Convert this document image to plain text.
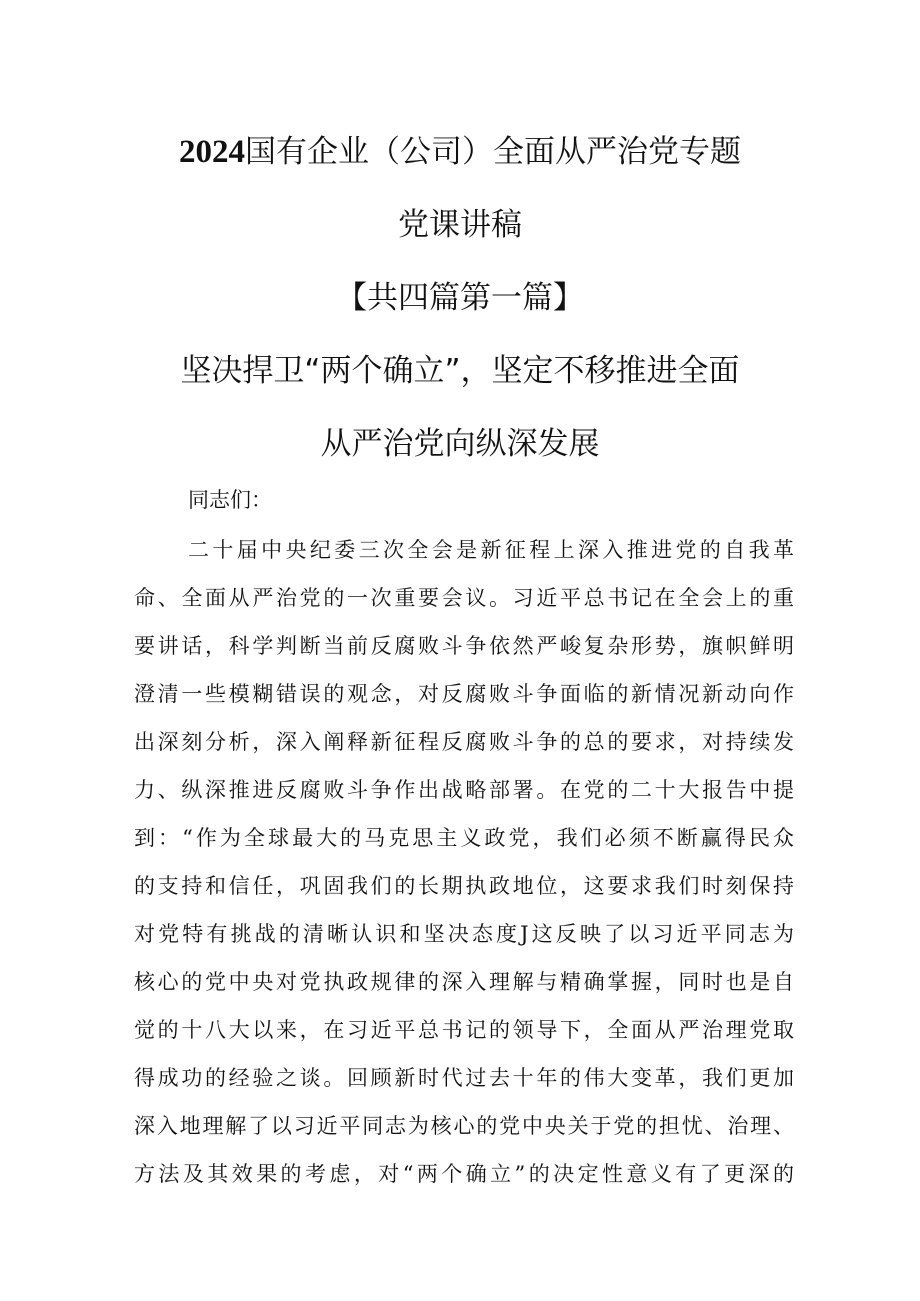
2024国有企业（公司）全面从严治党专题
党课讲稿
【共四篇第一篇】
坚决捍卫“两个确立”，坚定不移推进全面
从严治党向纵深发展
同志们：
二十届中央纪委三次全会是新征程上深入推进党的自我革
命、全面从严治党的一次重要会议。习近平总书记在全会上的重
要讲话，科学判断当前反腐败斗争依然严峻复杂形势，旗帜鲜明
澄清一些模糊错误的观念，对反腐败斗争面临的新情况新动向作
出深刻分析，深入阐释新征程反腐败斗争的总的要求，对持续发
力、纵深推进反腐败斗争作出战略部署。在党的二十大报告中提
到：“作为全球最大的马克思主义政党，我们必须不断赢得民众
的支持和信任，巩固我们的长期执政地位，这要求我们时刻保持
对党特有挑战的清晰认识和坚决态度J这反映了以习近平同志为
核心的党中央对党执政规律的深入理解与精确掌握，同时也是自
觉的十八大以来，在习近平总书记的领导下，全面从严治理党取
得成功的经验之谈。回顾新时代过去十年的伟大变革，我们更加
深入地理解了以习近平同志为核心的党中央关于党的担忧、治理、
方法及其效果的考虑，对“两个确立”的决定性意义有了更深的
